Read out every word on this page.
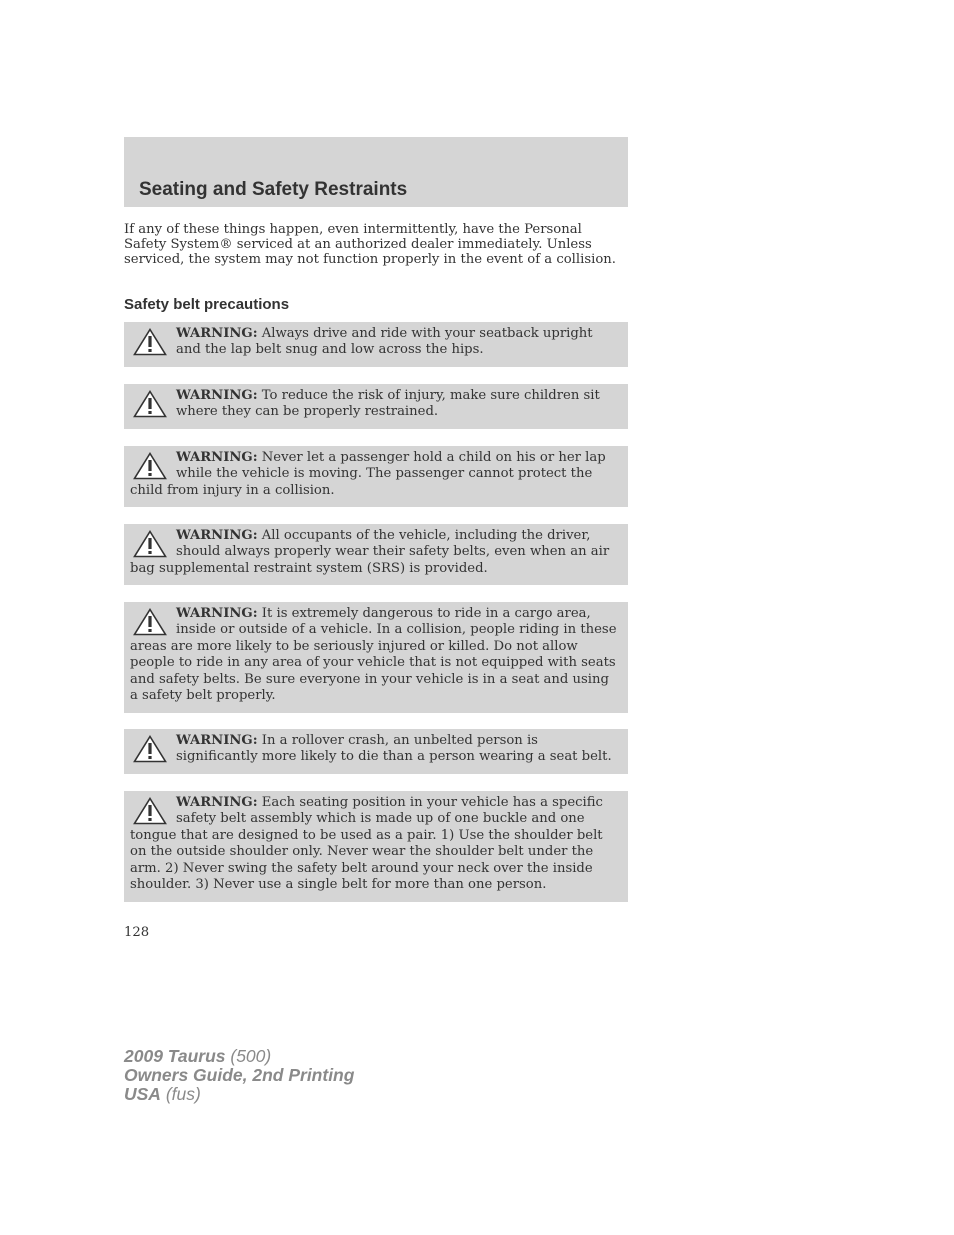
Seating and Safety Restraints

If any of these things happen, even intermittently, have the Personal Safety System® serviced at an authorized dealer immediately. Unless serviced, the system may not function properly in the event of a collision.

Safety belt precautions
WARNING: Always drive and ride with your seatback upright and the lap belt snug and low across the hips.
WARNING: To reduce the risk of injury, make sure children sit where they can be properly restrained.
WARNING: Never let a passenger hold a child on his or her lap while the vehicle is moving. The passenger cannot protect the child from injury in a collision.
WARNING: All occupants of the vehicle, including the driver, should always properly wear their safety belts, even when an air bag supplemental restraint system (SRS) is provided.
WARNING: It is extremely dangerous to ride in a cargo area, inside or outside of a vehicle. In a collision, people riding in these areas are more likely to be seriously injured or killed. Do not allow people to ride in any area of your vehicle that is not equipped with seats and safety belts. Be sure everyone in your vehicle is in a seat and using a safety belt properly.
WARNING: In a rollover crash, an unbelted person is significantly more likely to die than a person wearing a seat belt.
WARNING: Each seating position in your vehicle has a specific safety belt assembly which is made up of one buckle and one tongue that are designed to be used as a pair. 1) Use the shoulder belt on the outside shoulder only. Never wear the shoulder belt under the arm. 2) Never swing the safety belt around your neck over the inside shoulder. 3) Never use a single belt for more than one person.

128

2009 Taurus (500)
Owners Guide, 2nd Printing
USA (fus)
